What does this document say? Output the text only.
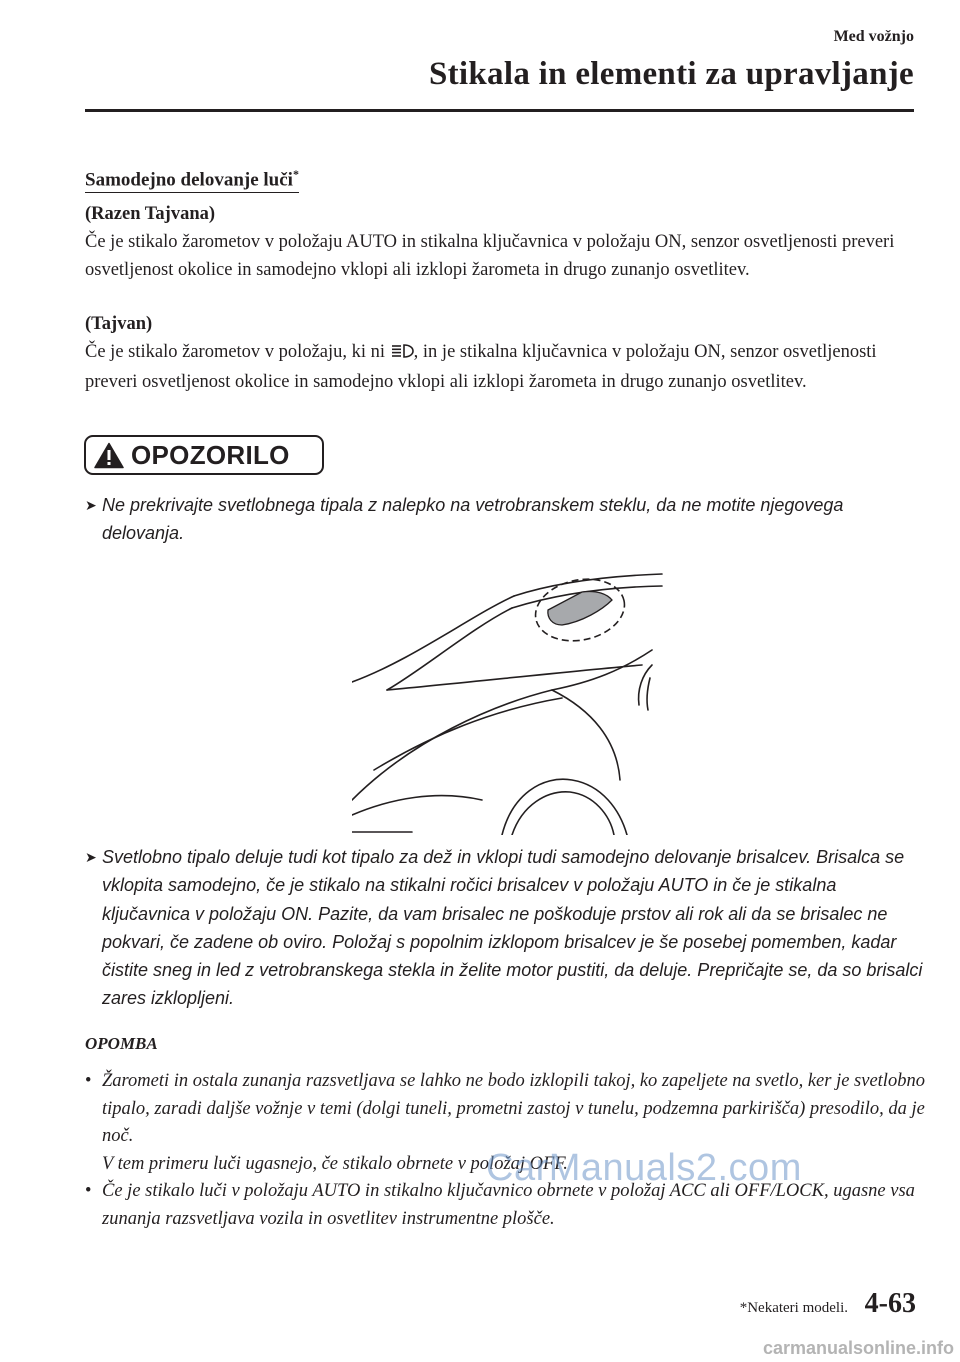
Med vožnjo
Stikala in elementi za upravljanje
Samodejno delovanje luči*
(Razen Tajvana)
Če je stikalo žarometov v položaju AUTO in stikalna ključavnica v položaju ON, senzor osvetljenosti preveri osvetljenost okolice in samodejno vklopi ali izklopi žarometa in drugo zunanjo osvetlitev.
(Tajvan)
Če je stikalo žarometov v položaju, ki ni , in je stikalna ključavnica v položaju ON, senzor osvetljenosti preveri osvetljenost okolice in samodejno vklopi ali izklopi žarometa in drugo zunanjo osvetlitev.
OPOZORILO
➤ Ne prekrivajte svetlobnega tipala z nalepko na vetrobranskem steklu, da ne motite njegovega delovanja.
➤ Svetlobno tipalo deluje tudi kot tipalo za dež in vklopi tudi samodejno delovanje brisalcev. Brisalca se vklopita samodejno, če je stikalo na stikalni ročici brisalcev v položaju AUTO in če je stikalna ključavnica v položaju ON. Pazite, da vam brisalec ne poškoduje prstov ali rok ali da se brisalec ne pokvari, če zadene ob oviro. Položaj s popolnim izklopom brisalcev je še posebej pomemben, kadar čistite sneg in led z vetrobranskega stekla in želite motor pustiti, da deluje. Prepričajte se, da so brisalci zares izklopljeni.
OPOMBA
• Žarometi in ostala zunanja razsvetljava se lahko ne bodo izklopili takoj, ko zapeljete na svetlo, ker je svetlobno tipalo, zaradi daljše vožnje v temi (dolgi tuneli, prometni zastoj v tunelu, podzemna parkirišča) presodilo, da je noč.
V tem primeru luči ugasnejo, če stikalo obrnete v položaj OFF.
• Če je stikalo luči v položaju AUTO in stikalno ključavnico obrnete v položaj ACC ali OFF/LOCK, ugasne vsa zunanja razsvetljava vozila in osvetlitev instrumentne plošče.
CarManuals2.com
*Nekateri modeli. 4-63
carmanualsonline.info
